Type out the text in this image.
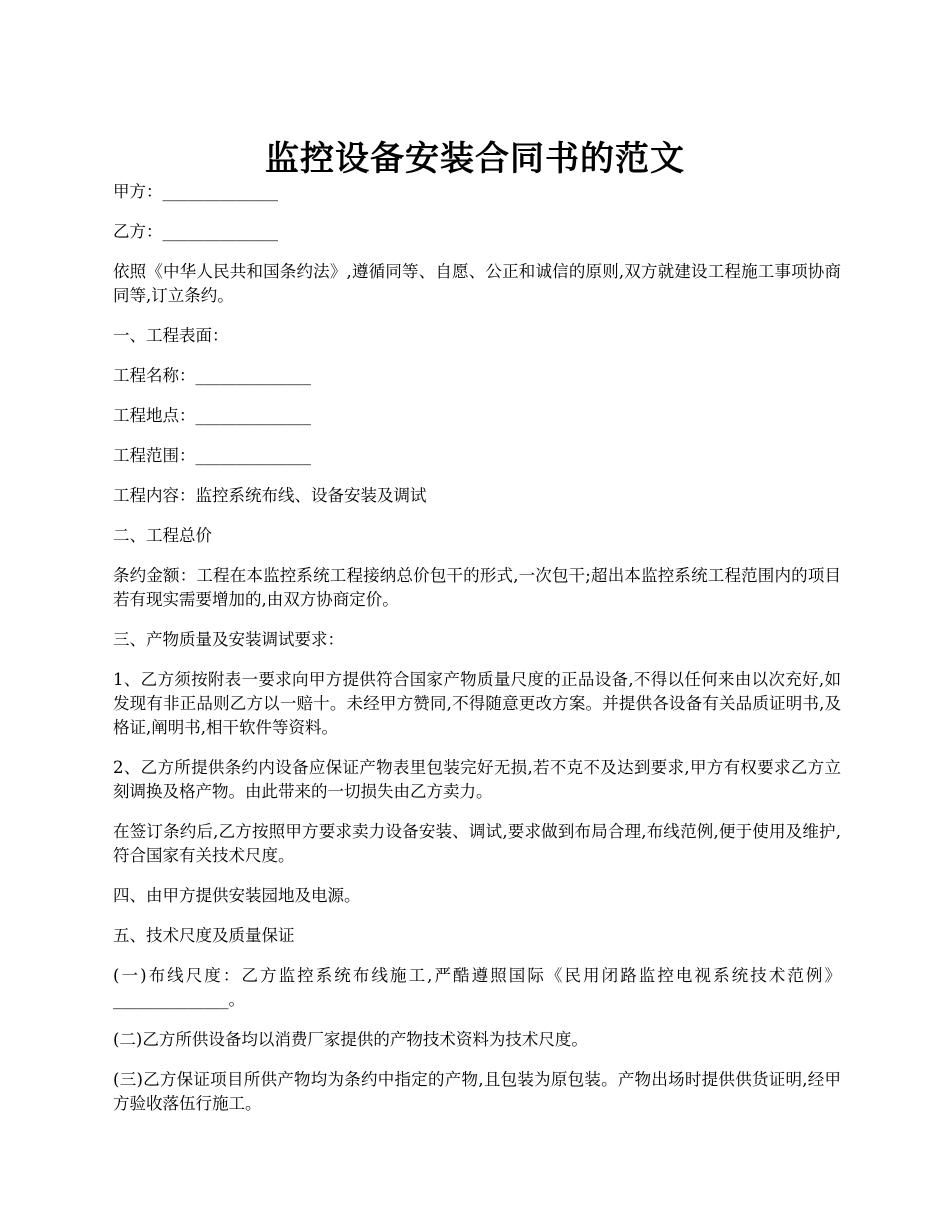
监控设备安装合同书的范文

甲方：______________

乙方：______________

依照《中华人民共和国条约法》,遵循同等、自愿、公正和诚信的原则,双方就建设工程施工事项协商同等,订立条约。

一、工程表面：

工程名称：______________

工程地点：______________

工程范围：______________

工程内容：监控系统布线、设备安装及调试

二、工程总价

条约金额：工程在本监控系统工程接纳总价包干的形式,一次包干;超出本监控系统工程范围内的项目若有现实需要增加的,由双方协商定价。

三、产物质量及安装调试要求：

1、乙方须按附表一要求向甲方提供符合国家产物质量尺度的正品设备,不得以任何来由以次充好,如发现有非正品则乙方以一赔十。未经甲方赞同,不得随意更改方案。并提供各设备有关品质证明书,及格证,阐明书,相干软件等资料。

2、乙方所提供条约内设备应保证产物表里包装完好无损,若不克不及达到要求,甲方有权要求乙方立刻调换及格产物。由此带来的一切损失由乙方卖力。

在签订条约后,乙方按照甲方要求卖力设备安装、调试,要求做到布局合理,布线范例,便于使用及维护,符合国家有关技术尺度。

四、由甲方提供安装园地及电源。

五、技术尺度及质量保证

(一)布线尺度：乙方监控系统布线施工,严酷遵照国际《民用闭路监控电视系统技术范例》______________。

(二)乙方所供设备均以消费厂家提供的产物技术资料为技术尺度。

(三)乙方保证项目所供产物均为条约中指定的产物,且包装为原包装。产物出场时提供供货证明,经甲方验收落伍行施工。
